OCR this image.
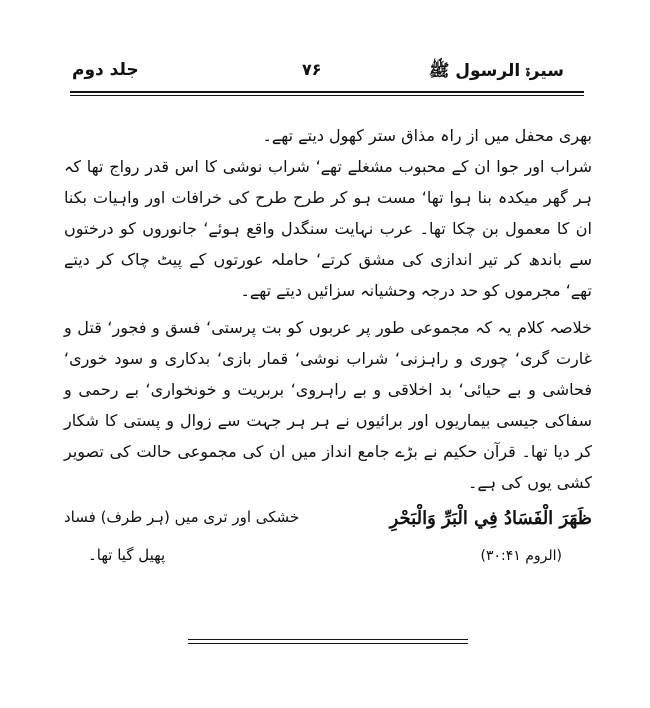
سیرۃ الرسول ﷺ
۷۶
جلد دوم

بھری محفل میں از راہ مذاق ستر کھول دیتے تھے۔

شراب اور جوا ان کے محبوب مشغلے تھے‘ شراب نوشی کا اس قدر رواج تھا کہ ہر گھر میکدہ بنا ہوا تھا‘ مست ہو کر طرح طرح کی خرافات اور واہیات بکنا ان کا معمول بن چکا تھا۔ عرب نہایت سنگدل واقع ہوئے‘ جانوروں کو درختوں سے باندھ کر تیر اندازی کی مشق کرتے‘ حاملہ عورتوں کے پیٹ چاک کر دیتے تھے‘ مجرموں کو حد درجہ وحشیانہ سزائیں دیتے تھے۔

خلاصہ کلام یہ کہ مجموعی طور پر عربوں کو بت پرستی‘ فسق و فجور‘ قتل و غارت گری‘ چوری و راہزنی‘ شراب نوشی‘ قمار بازی‘ بدکاری و سود خوری‘ فحاشی و بے حیائی‘ بد اخلاقی و بے راہروی‘ بربریت و خونخواری‘ بے رحمی و سفاکی جیسی بیماریوں اور برائیوں نے ہر ہر جہت سے زوال و پستی کا شکار کر دیا تھا۔ قرآن حکیم نے بڑے جامع انداز میں ان کی مجموعی حالت کی تصویر کشی یوں کی ہے۔

ظَهَرَ الْفَسَادُ فِي الْبَرِّ وَالْبَحْرِ
(الروم ۳۰:۴۱)
خشکی اور تری میں (ہر طرف) فساد
پھیل گیا تھا۔
